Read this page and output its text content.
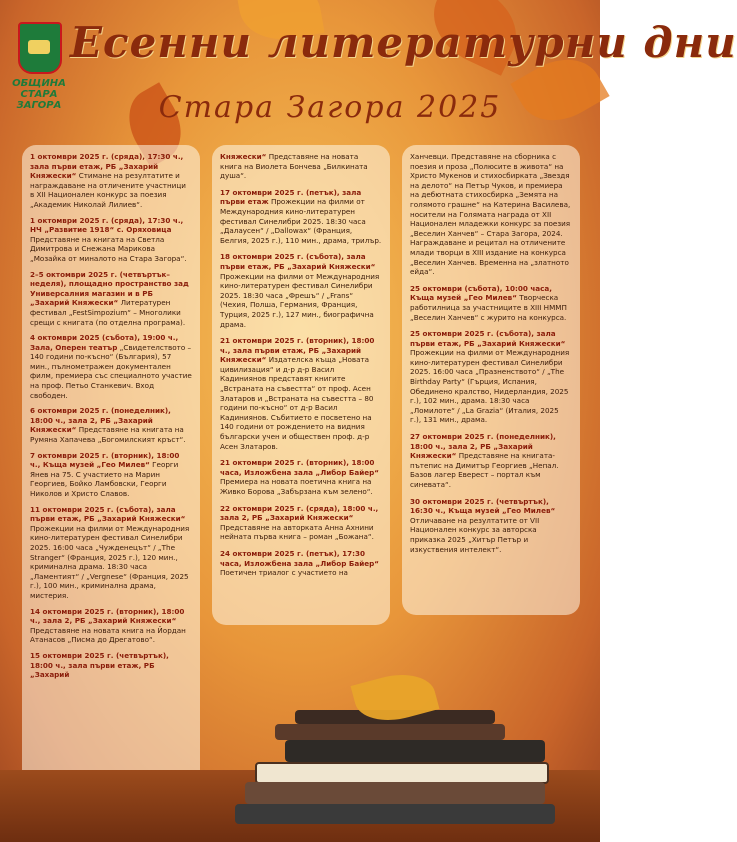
ОБЩИНА
СТАРА
ЗАГОРА
Есенни литературни дни
Стара Загора 2025
1 октомври 2025 г. (сряда), 17:30 ч., зала първи етаж, РБ „Захарий Княжески“ Стимане на резултатите и награждаване на отличените участници в XII Национален конкурс за поезия „Академик Николай Лилиев“.
1 октомври 2025 г. (сряда), 17:30 ч., НЧ „Развитие 1918“ с. Оряховица Представяне на книгата на Светла Димитрова и Снежана Марикова „Мозайка от миналото на Стара Загора“.
2–5 октомври 2025 г. (четвъртък–неделя), площадно пространство зад Универсалния магазин и в РБ „Захарий Княжески“ Литературен фестивал „FestSimpozium“ – Многолики срещи с книгата (по отделна програма).
4 октомври 2025 (събота), 19:00 ч., Зала, Оперен театър „Свидетелството – 140 години по-късно“ (България), 57 мин., пълнометражен документален филм, премиера със специалното участие на проф. Петьо Станкевич. Вход свободен.
6 октомври 2025 г. (понеделник), 18:00 ч., зала 2, РБ „Захарий Княжески“ Представяне на книгата на Румяна Хапачева „Богомилският кръст“.
7 октомври 2025 г. (вторник), 18:00 ч., Къща музей „Гео Милев“ Георги Янев на 75. С участието на Марин Георгиев, Бойко Ламбовски, Георги Николов и Христо Славов.
11 октомври 2025 г. (събота), зала първи етаж, РБ „Захарий Княжески“ Прожекции на филми от Международния кино-литературен фестивал Синелибри 2025. 16:00 часа „Чужденецът“ / „The Stranger“ (Франция, 2025 г.), 120 мин., криминална драма. 18:30 часа „Ламентият“ / „Vergnese“ (Франция, 2025 г.), 100 мин., криминална драма, мистерия.
14 октомври 2025 г. (вторник), 18:00 ч., зала 2, РБ „Захарий Княжески“ Представяне на новата книга на Йордан Атанасов „Писма до Дрегатово“.
15 октомври 2025 г. (четвъртък), 18:00 ч., зала първи етаж, РБ „Захарий
Княжески“ Представяне на новата книга на Виолета Бончева „Билкината душа“.
17 октомври 2025 г. (петък), зала първи етаж Прожекции на филми от Международния кино-литературен фестивал Синелибри 2025. 18:30 часа „Далаусен“ / „Dallowax“ (Франция, Белгия, 2025 г.), 110 мин., драма, трилър.
18 октомври 2025 г. (събота), зала първи етаж, РБ „Захарий Княжески“ Прожекции на филми от Международния кино-литературен фестивал Синелибри 2025. 18:30 часа „Фрешъ“ / „Frans“ (Чехия, Полша, Германия, Франция, Турция, 2025 г.), 127 мин., биографична драма.
21 октомври 2025 г. (вторник), 18:00 ч., зала първи етаж, РБ „Захарий Княжески“ Издателска къща „Новата цивилизация“ и д-р д-р Васил Кадиниянов представят книгите „Встраната на съвестта“ от проф. Асен Златаров и „Встраната на съвестта – 80 години по-късно“ от д-р Васил Кадиниянов. Събитието е посветено на 140 години от рождението на видния български учен и обществен проф. д-р Асен Златаров.
21 октомври 2025 г. (вторник), 18:00 часа, Изложбена зала „Либор Байер“ Премиера на новата поетична книга на Живко Борова „Забързана към зелено“.
22 октомври 2025 г. (сряда), 18:00 ч., зала 2, РБ „Захарий Княжески“ Представяне на авторката Анна Ахнини нейната първа книга – роман „Божана“.
24 октомври 2025 г. (петък), 17:30 часа, Изложбена зала „Либор Байер“ Поетичен триалог с участието на
Ханчевци. Представяне на сборника с поезия и проза „Полюсите в живота“ на Христо Мукенов и стихосбирката „Звездя на делото“ на Петър Чуков, и премиера на дебютната стихосбирка „Земята на голямото грашне“ на Катерина Василева, носители на Голямата награда от XII Национален младежки конкурс за поезия „Веселин Ханчев“ – Стара Загора, 2024. Награждаване и рецитал на отличените млади творци в XIII издание на конкурса „Веселин Ханчев. Временна на „златното ейда“.
25 октомври (събота), 10:00 часа, Къща музей „Гео Милев“ Творческа работилница за участниците в XIII НММП „Веселин Ханчев“ с журито на конкурса.
25 октомври 2025 г. (събота), зала първи етаж, РБ „Захарий Княжески“ Прожекции на филми от Международния кино-литературен фестивал Синелибри 2025. 16:00 часа „Празненството“ / „The Birthday Party“ (Гърция, Испания, Обединено кралство, Нидерландия, 2025 г.), 102 мин., драма. 18:30 часа „Ломилоте“ / „La Grazia“ (Италия, 2025 г.), 131 мин., драма.
27 октомври 2025 г. (понеделник), 18:00 ч., зала 2, РБ „Захарий Княжески“ Представяне на книгата-пътепис на Димитър Георгиев „Непал. Базов лагер Еверест – портал към синевата“.
30 октомври 2025 г. (четвъртък), 16:30 ч., Къща музей „Гео Милев“ Отличаване на резултатите от VII Национален конкурс за авторска приказка 2025 „Хитър Петър и изкуствения интелект“.
